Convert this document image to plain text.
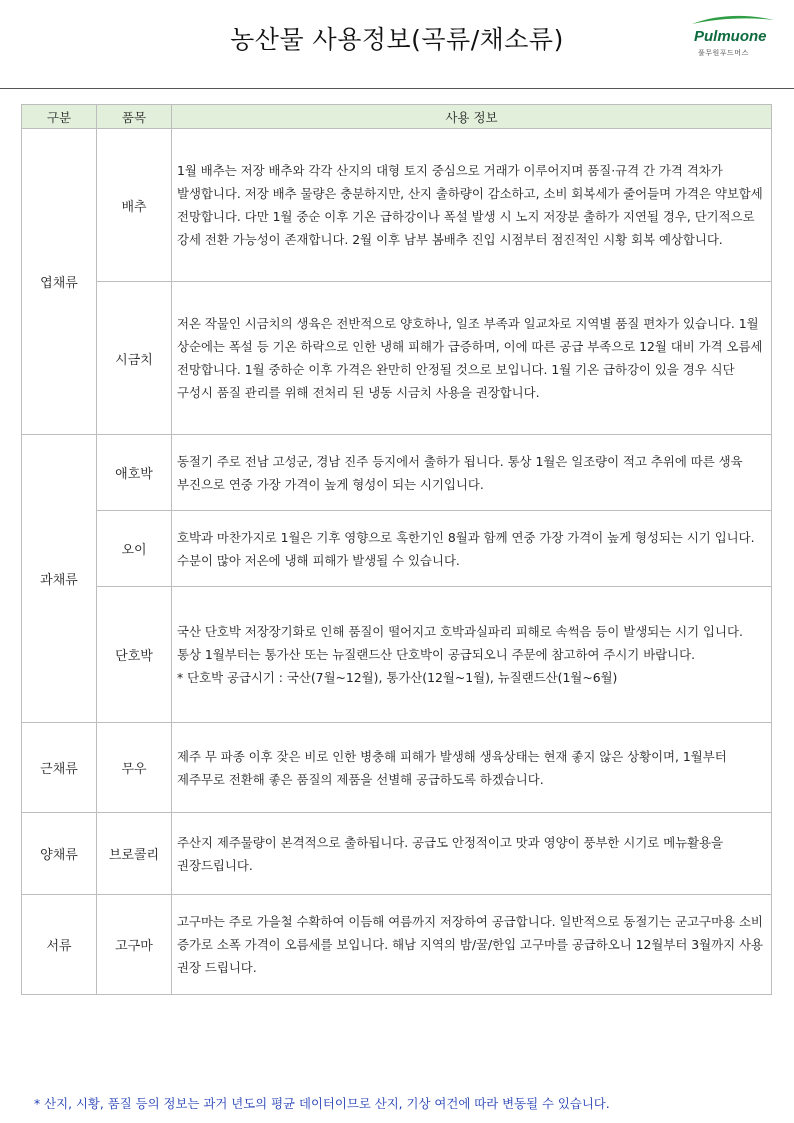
농산물 사용정보(곡류/채소류)	Pulmuone
풀무원푸드머스
구분	품목	사용 정보
엽채류	배추	1월 배추는 저장 배추와 각각 산지의 대형 토지 중심으로 거래가 이루어지며 품질·규격 간 가격 격차가 발생합니다. 저장 배추 물량은 충분하지만, 산지 출하량이 감소하고, 소비 회복세가 줄어들며 가격은 약보합세 전망합니다. 다만 1월 중순 이후 기온 급하강이나 폭설 발생 시 노지 저장분 출하가 지연될 경우, 단기적으로 강세 전환 가능성이 존재합니다. 2월 이후 남부 봄배추 진입 시점부터 점진적인 시황 회복 예상합니다.
	시금치	저온 작물인 시금치의 생육은 전반적으로 양호하나, 일조 부족과 일교차로 지역별 품질 편차가 있습니다. 1월 상순에는 폭설 등 기온 하락으로 인한 냉해 피해가 급증하며, 이에 따른 공급 부족으로 12월 대비 가격 오름세 전망합니다. 1월 중하순 이후 가격은 완만히 안정될 것으로 보입니다. 1월 기온 급하강이 있을 경우 식단 구성시 품질 관리를 위해 전처리 된 냉동 시금치 사용을 권장합니다.
과채류	애호박	동절기 주로 전남 고성군, 경남 진주 등지에서 출하가 됩니다. 통상 1월은 일조량이 적고 추위에 따른 생육 부진으로 연중 가장 가격이 높게 형성이 되는 시기입니다.
	오이	호박과 마찬가지로 1월은 기후 영향으로 혹한기인 8월과 함께 연중 가장 가격이 높게 형성되는 시기 입니다. 수분이 많아 저온에 냉해 피해가 발생될 수 있습니다.
	단호박	국산 단호박 저장장기화로 인해 품질이 떨어지고 호박과실파리 피해로 속썩음 등이 발생되는 시기 입니다. 통상 1월부터는 통가산 또는 뉴질랜드산 단호박이 공급되오니 주문에 참고하여 주시기 바랍니다.
* 단호박 공급시기 : 국산(7월~12월), 통가산(12월~1월), 뉴질랜드산(1월~6월)

근채류	무우	제주 무 파종 이후 잦은 비로 인한 병충해 피해가 발생해 생육상태는 현재 좋지 않은 상황이며, 1월부터 제주무로 전환해 좋은 품질의 제품을 선별해 공급하도록 하겠습니다.
양채류	브로콜리	주산지 제주물량이 본격적으로 출하됩니다. 공급도 안정적이고 맛과 영양이 풍부한 시기로 메뉴활용을 권장드립니다.
서류	고구마	고구마는 주로 가을철 수확하여 이듬해 여름까지 저장하여 공급합니다. 일반적으로 동절기는 군고구마용 소비 증가로 소폭 가격이 오름세를 보입니다. 해남 지역의 밤/꿀/한입 고구마를 공급하오니 12월부터 3월까지 사용 권장 드립니다.
* 산지, 시황, 품질 등의 정보는 과거 년도의 평균 데이터이므로 산지, 기상 여건에 따라 변동될 수 있습니다.
